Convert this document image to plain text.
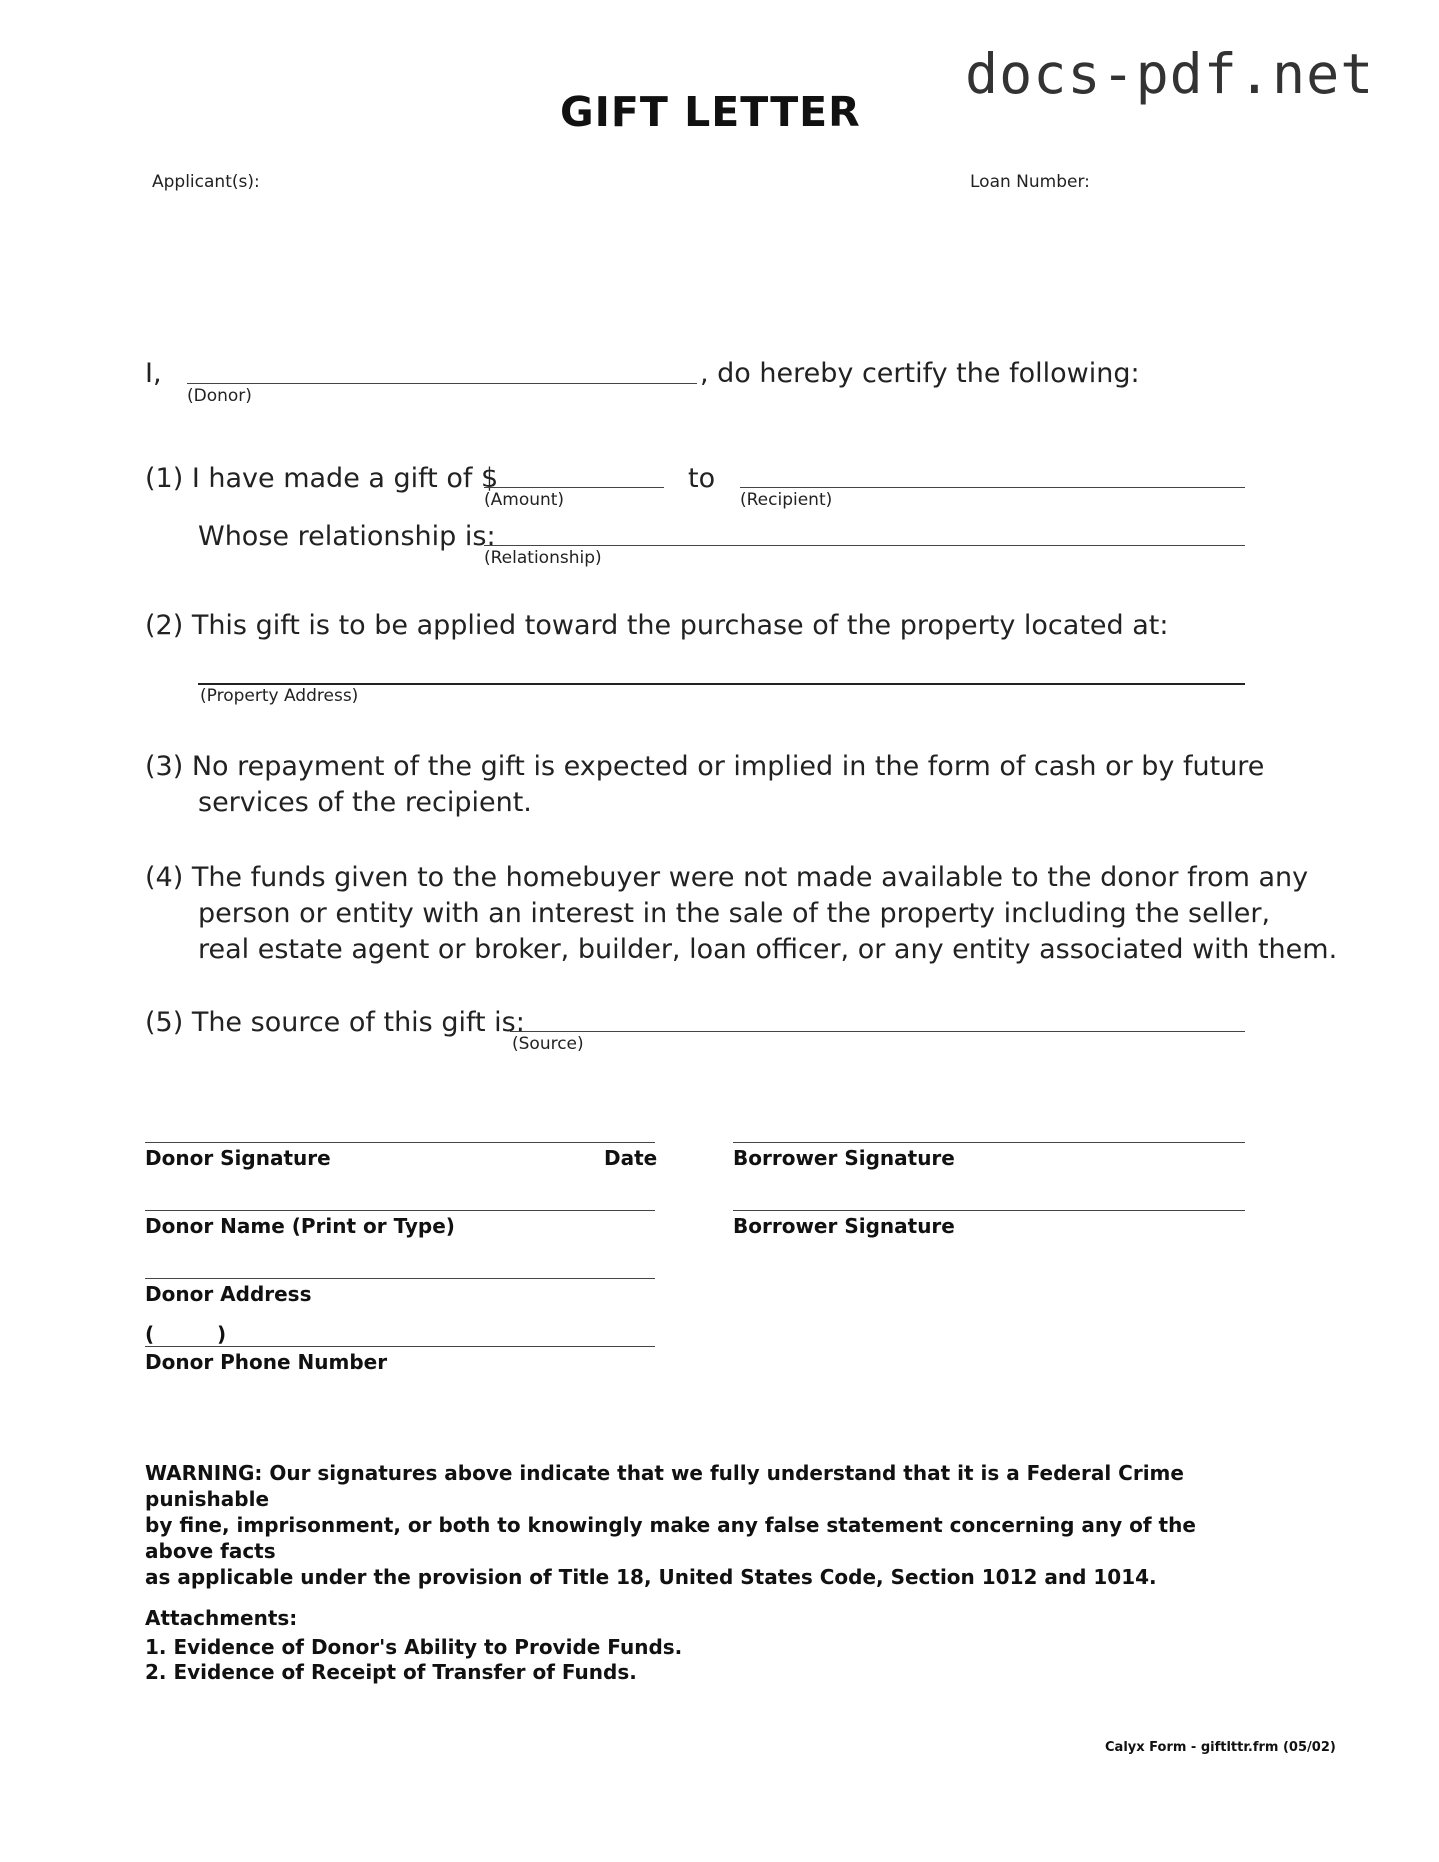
docs-pdf.net
GIFT LETTER
Applicant(s):	Loan Number:
I,
(Donor)
, do hereby certify the following:
(1) I have made a gift of $
(Amount)
to
(Recipient)
Whose relationship is:
(Relationship)
(2) This gift is to be applied toward the purchase of the property located at:
(Property Address)
(3) No repayment of the gift is expected or implied in the form of cash or by future
services of the recipient.
(4) The funds given to the homebuyer were not made available to the donor from any
person or entity with an interest in the sale of the property including the seller,
real estate agent or broker, builder, loan officer, or any entity associated with them.
(5) The source of this gift is:
(Source)
Donor Signature	Date
Donor Name (Print or Type)
Donor Address
(	)
Donor Phone Number
Borrower Signature
Borrower Signature
WARNING: Our signatures above indicate that we fully understand that it is a Federal Crime punishable
by fine, imprisonment, or both to knowingly make any false statement concerning any of the above facts
as applicable under the provision of Title 18, United States Code, Section 1012 and 1014.
Attachments:
1. Evidence of Donor's Ability to Provide Funds.
2. Evidence of Receipt of Transfer of Funds.
Calyx Form - giftlttr.frm (05/02)
